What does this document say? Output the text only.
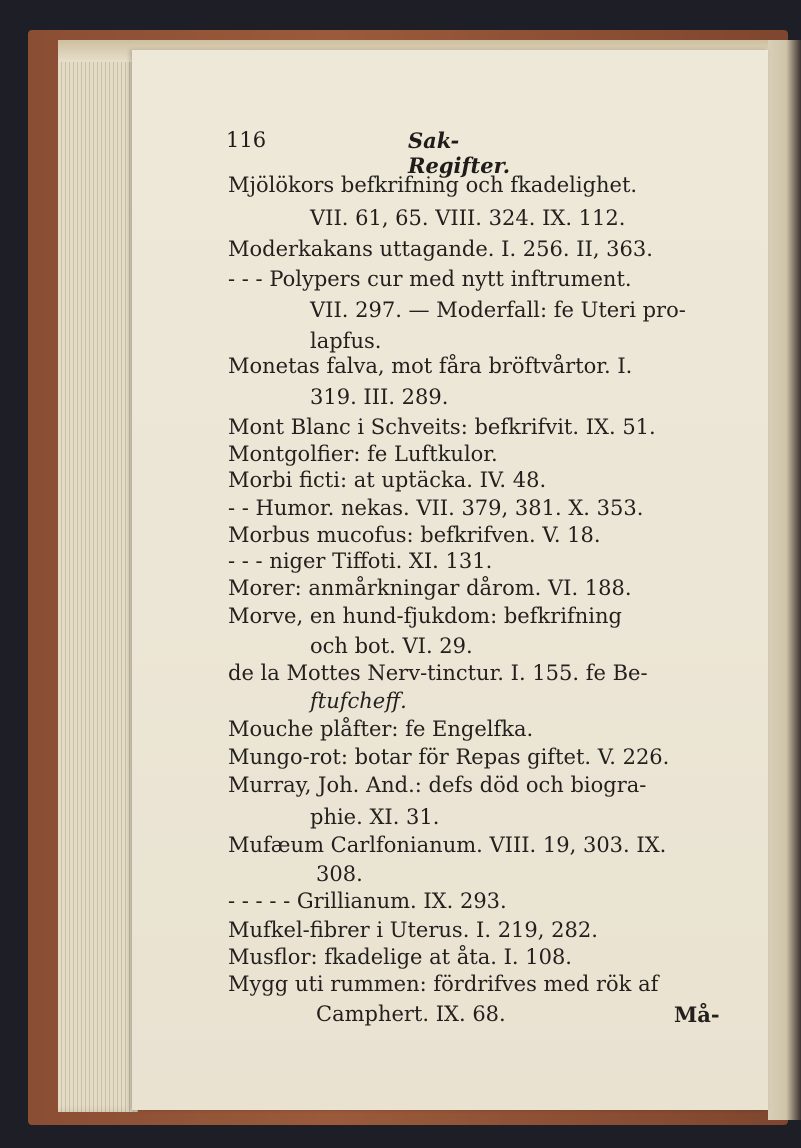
116	Sak-Regifter.
Mjölökors befkrifning och fkadelighet.
VII. 61, 65. VIII. 324. IX. 112.
Moderkakans uttagande. I. 256. II, 363.
- - - Polypers cur med nytt inftrument.
VII. 297. — Moderfall: fe Uteri pro-
lapfus.
Monetas falva, mot fåra bröftvårtor. I.
319. III. 289.
Mont Blanc i Schveits: befkrifvit. IX. 51.
Montgolfier: fe Luftkulor.
Morbi ficti: at uptäcka. IV. 48.
- - Humor. nekas. VII. 379, 381. X. 353.
Morbus mucofus: befkrifven. V. 18.
- - - niger Tiffoti. XI. 131.
Morer: anmårkningar dårom. VI. 188.
Morve, en hund-fjukdom: befkrifning
och bot. VI. 29.
de la Mottes Nerv-tinctur. I. 155. fe Be-
ftufcheff.
Mouche plåfter: fe Engelfka.
Mungo-rot: botar för Repas giftet. V. 226.
Murray, Joh. And.: defs död och biogra-
phie. XI. 31.
Mufæum Carlfonianum. VIII. 19, 303. IX.
308.
- - - - - Grillianum. IX. 293.
Mufkel-fibrer i Uterus. I. 219, 282.
Musflor: fkadelige at åta. I. 108.
Mygg uti rummen: fördrifves med rök af
Camphert. IX. 68.	Må-
